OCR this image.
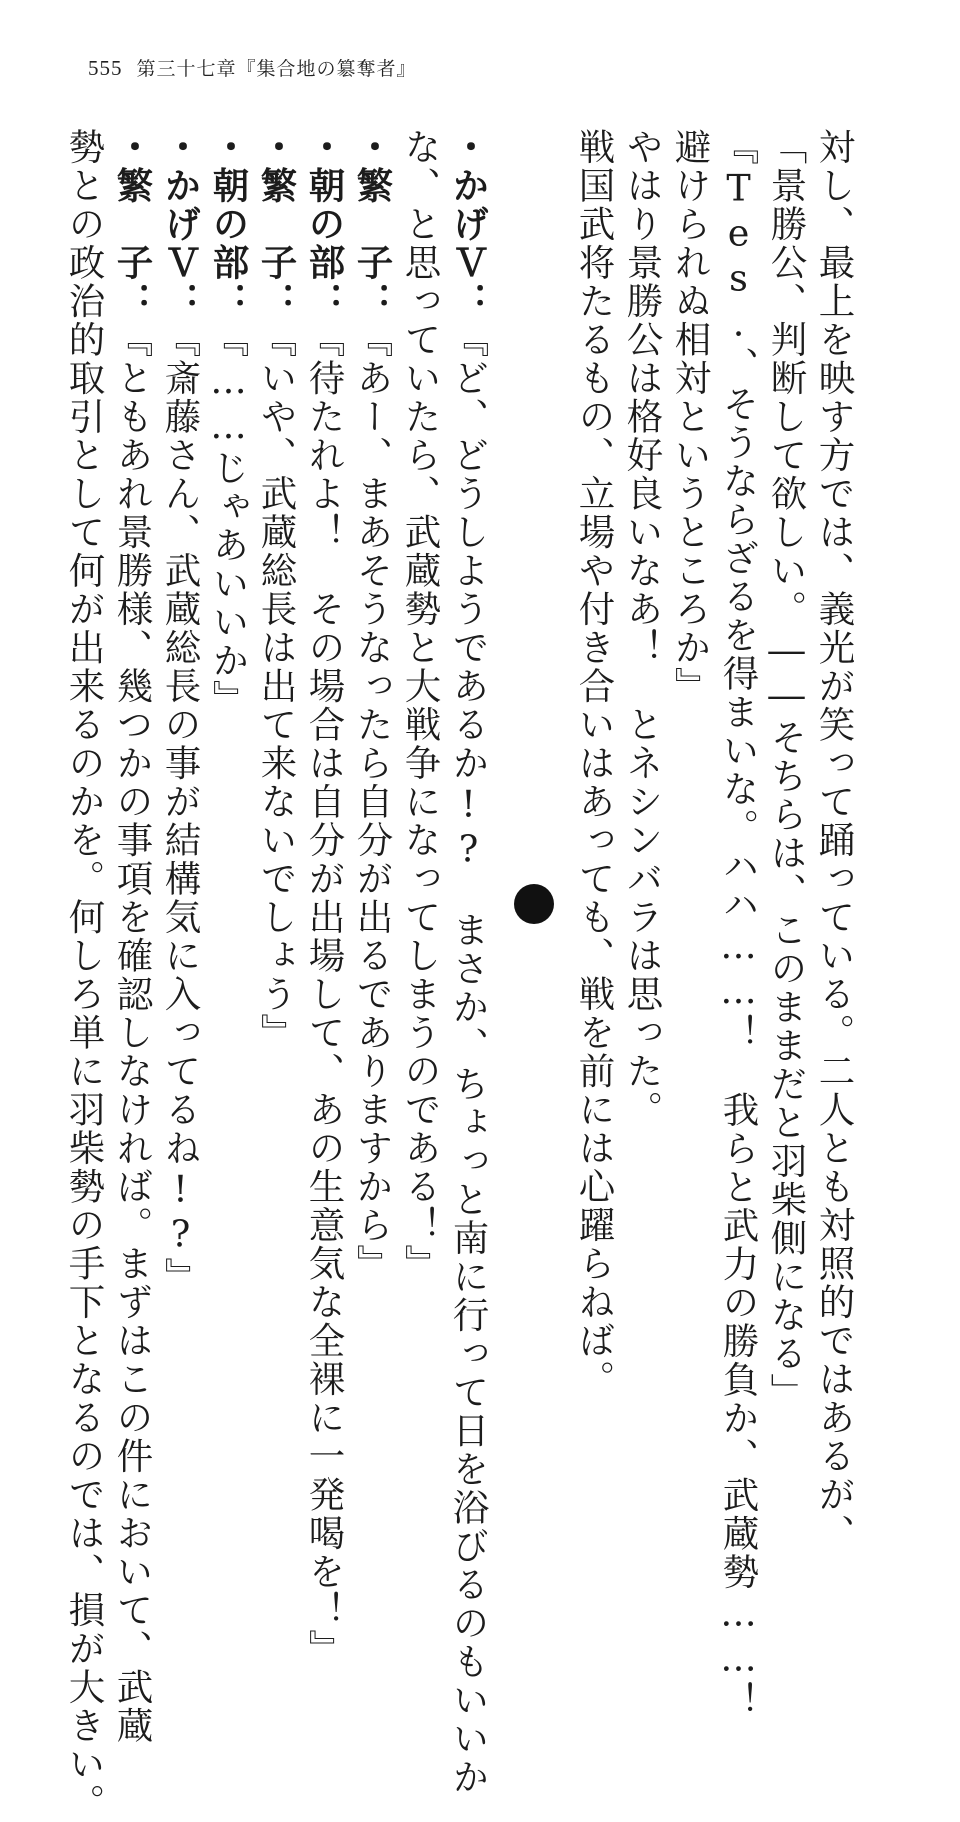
555 第三十七章『集合地の簒奪者』
対し、最上を映す方では、義光が笑って踊っている。二人とも対照的ではあるが、
「景勝公、判断して欲しい。――そちらは、このままだと羽柴側になる」
『Tes.、そうならざるを得まいな。ハハ……！　我らと武力の勝負か、武蔵勢……！
避けられぬ相対というところか』
やはり景勝公は格好良いなあ！　とネシンバラは思った。
戦国武将たるもの、立場や付き合いはあっても、戦を前には心躍らねば。
・かげＶ：『ど、どうしようであるか!?　まさか、ちょっと南に行って日を浴びるのもいいか
な、と思っていたら、武蔵勢と大戦争になってしまうのである！』
・繁　子：『あー、まあそうなったら自分が出るでありますから』
・朝の部：『待たれよ！　その場合は自分が出場して、あの生意気な全裸に一発喝を！』
・繁　子：『いや、武蔵総長は出て来ないでしょう』
・朝の部：『……じゃあいいか』
・かげＶ：『斎藤さん、武蔵総長の事が結構気に入ってるね!?』
・繁　子：『ともあれ景勝様、幾つかの事項を確認しなければ。まずはこの件において、武蔵
勢との政治的取引として何が出来るのかを。何しろ単に羽柴勢の手下となるのでは、損が大きい。
